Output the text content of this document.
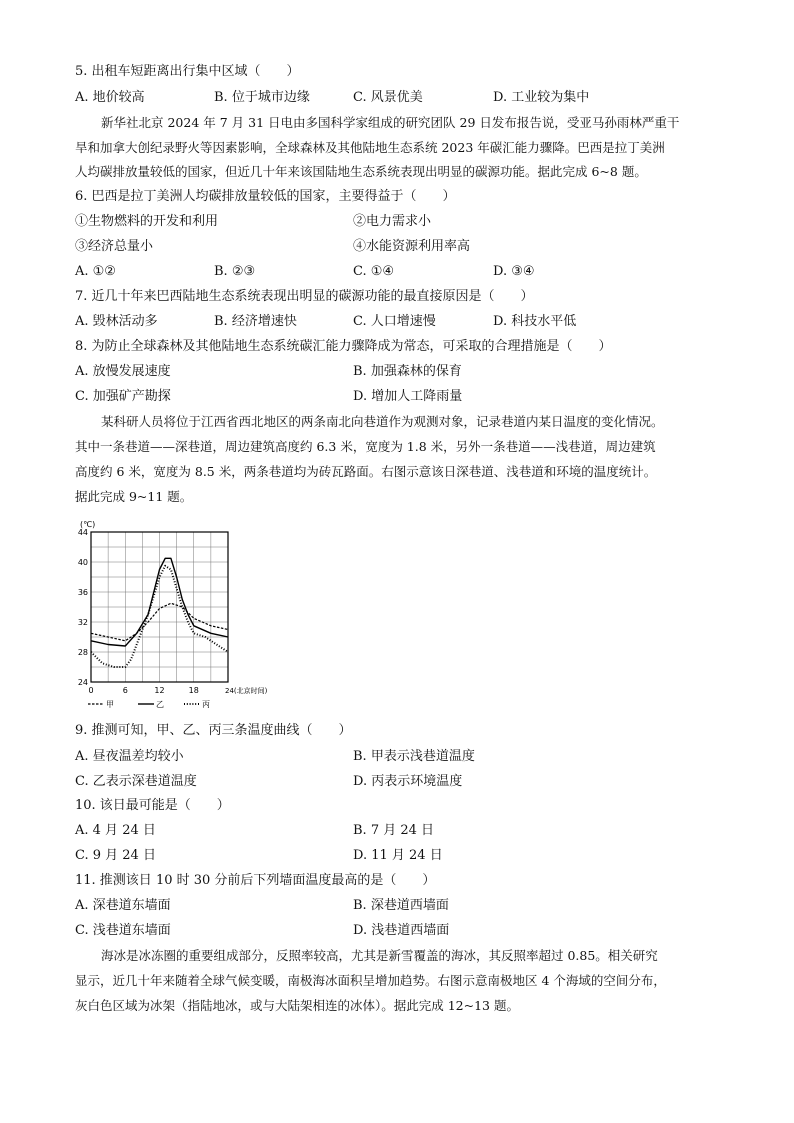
5. 出租车短距离出行集中区域（　　）
A. 地价较高	B. 位于城市边缘	C. 风景优美	D. 工业较为集中
新华社北京 2024 年 7 月 31 日电由多国科学家组成的研究团队 29 日发布报告说，受亚马孙雨林严重干
旱和加拿大创纪录野火等因素影响，全球森林及其他陆地生态系统 2023 年碳汇能力骤降。巴西是拉丁美洲
人均碳排放量较低的国家，但近几十年来该国陆地生态系统表现出明显的碳源功能。据此完成 6~8 题。
6. 巴西是拉丁美洲人均碳排放量较低的国家，主要得益于（　　）
①生物燃料的开发和利用	②电力需求小
③经济总量小	④水能资源利用率高
A. ①②	B. ②③	C. ①④	D. ③④
7. 近几十年来巴西陆地生态系统表现出明显的碳源功能的最直接原因是（　　）
A. 毁林活动多	B. 经济增速快	C. 人口增速慢	D. 科技水平低
8. 为防止全球森林及其他陆地生态系统碳汇能力骤降成为常态，可采取的合理措施是（　　）
A. 放慢发展速度	B. 加强森林的保育
C. 加强矿产勘探	D. 增加人工降雨量
某科研人员将位于江西省西北地区的两条南北向巷道作为观测对象，记录巷道内某日温度的变化情况。
其中一条巷道——深巷道，周边建筑高度约 6.3 米，宽度为 1.8 米，另外一条巷道——浅巷道，周边建筑
高度约 6 米，宽度为 8.5 米，两条巷道均为砖瓦路面。右图示意该日深巷道、浅巷道和环境的温度统计。
据此完成 9~11 题。
(℃)
24
28
32
36
40
44
0	6	12	18	24(北京时间)
甲	乙	丙
9. 推测可知，甲、乙、丙三条温度曲线（　　）
A. 昼夜温差均较小	B. 甲表示浅巷道温度
C. 乙表示深巷道温度	D. 丙表示环境温度
10. 该日最可能是（　　）
A. 4 月 24 日	B. 7 月 24 日
C. 9 月 24 日	D. 11 月 24 日
11. 推测该日 10 时 30 分前后下列墙面温度最高的是（　　）
A. 深巷道东墙面	B. 深巷道西墙面
C. 浅巷道东墙面	D. 浅巷道西墙面
海冰是冰冻圈的重要组成部分，反照率较高，尤其是新雪覆盖的海冰，其反照率超过 0.85。相关研究
显示，近几十年来随着全球气候变暖，南极海冰面积呈增加趋势。右图示意南极地区 4 个海域的空间分布，
灰白色区域为冰架（指陆地冰，或与大陆架相连的冰体）。据此完成 12~13 题。
